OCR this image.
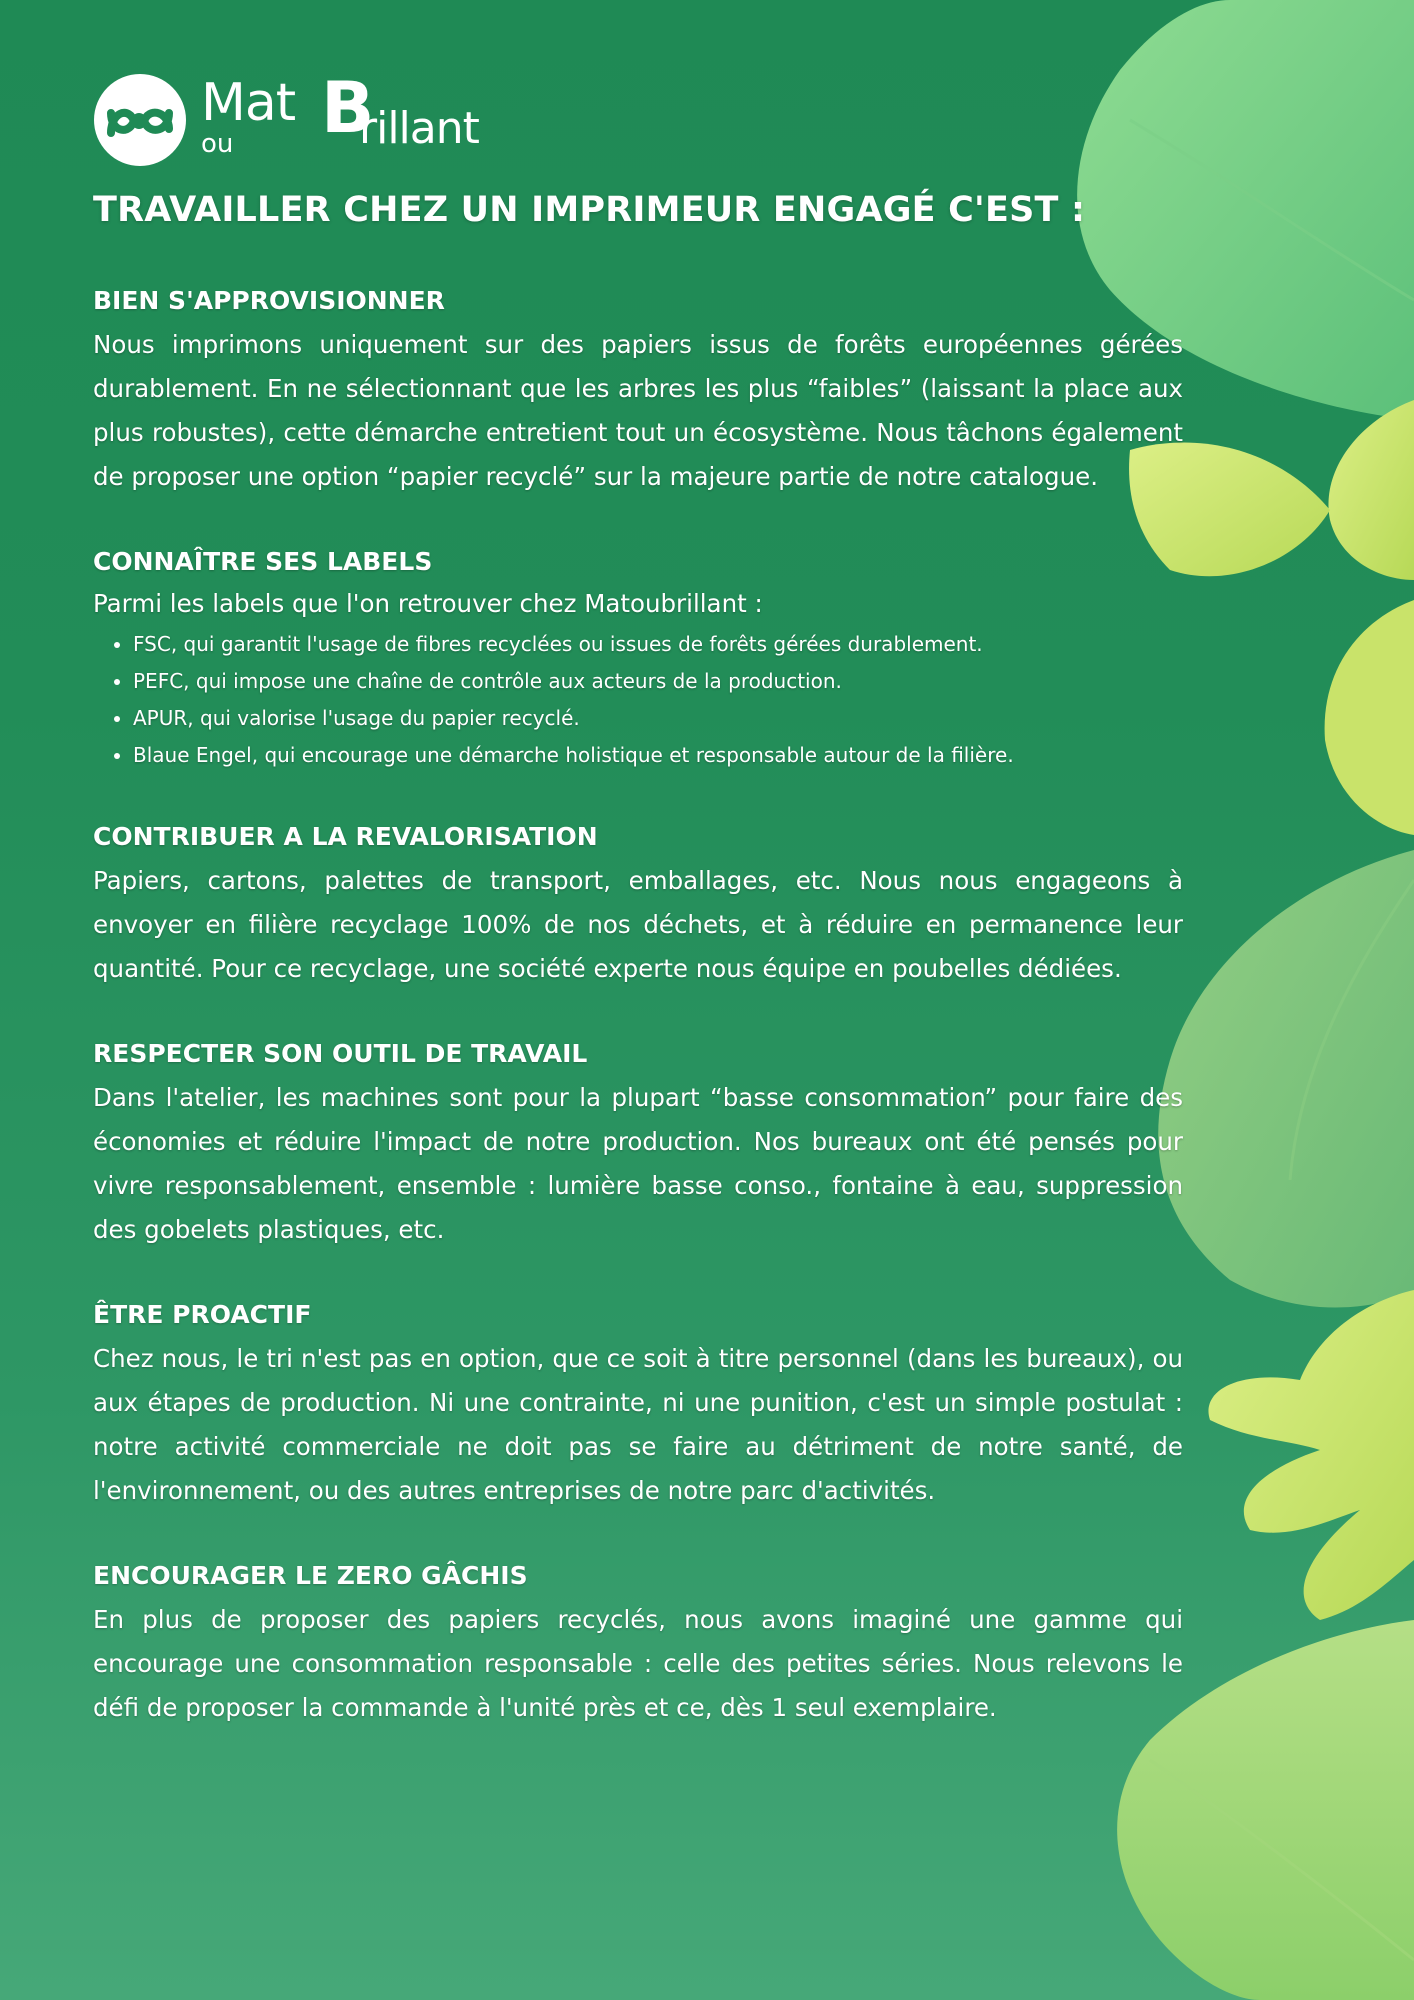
Mat
ou B
rillant
TRAVAILLER CHEZ UN IMPRIMEUR ENGAGÉ C'EST :
BIEN S'APPROVISIONNER

Nous imprimons uniquement sur des papiers issus de forêts européennes gérées durablement. En ne sélectionnant que les arbres les plus “faibles” (laissant la place aux plus robustes), cette démarche entretient tout un écosystème. Nous tâchons également de proposer une option “papier recyclé” sur la majeure partie de notre catalogue.

CONNAÎTRE SES LABELS

Parmi les labels que l'on retrouver chez Matoubrillant :

• FSC, qui garantit l'usage de fibres recyclées ou issues de forêts gérées durablement.
• PEFC, qui impose une chaîne de contrôle aux acteurs de la production.
• APUR, qui valorise l'usage du papier recyclé.
• Blaue Engel, qui encourage une démarche holistique et responsable autour de la filière.
CONTRIBUER A LA REVALORISATION

Papiers, cartons, palettes de transport, emballages, etc. Nous nous engageons à envoyer en filière recyclage 100% de nos déchets, et à réduire en permanence leur quantité. Pour ce recyclage, une société experte nous équipe en poubelles dédiées.

RESPECTER SON OUTIL DE TRAVAIL

Dans l'atelier, les machines sont pour la plupart “basse consommation” pour faire des économies et réduire l'impact de notre production. Nos bureaux ont été pensés pour vivre responsablement, ensemble : lumière basse conso., fontaine à eau, suppression des gobelets plastiques, etc.

ÊTRE PROACTIF

Chez nous, le tri n'est pas en option, que ce soit à titre personnel (dans les bureaux), ou aux étapes de production. Ni une contrainte, ni une punition, c'est un simple postulat : notre activité commerciale ne doit pas se faire au détriment de notre santé, de l'environnement, ou des autres entreprises de notre parc d'activités.

ENCOURAGER LE ZERO GÂCHIS

En plus de proposer des papiers recyclés, nous avons imaginé une gamme qui encourage une consommation responsable : celle des petites séries. Nous relevons le défi de proposer la commande à l'unité près et ce, dès 1 seul exemplaire.
